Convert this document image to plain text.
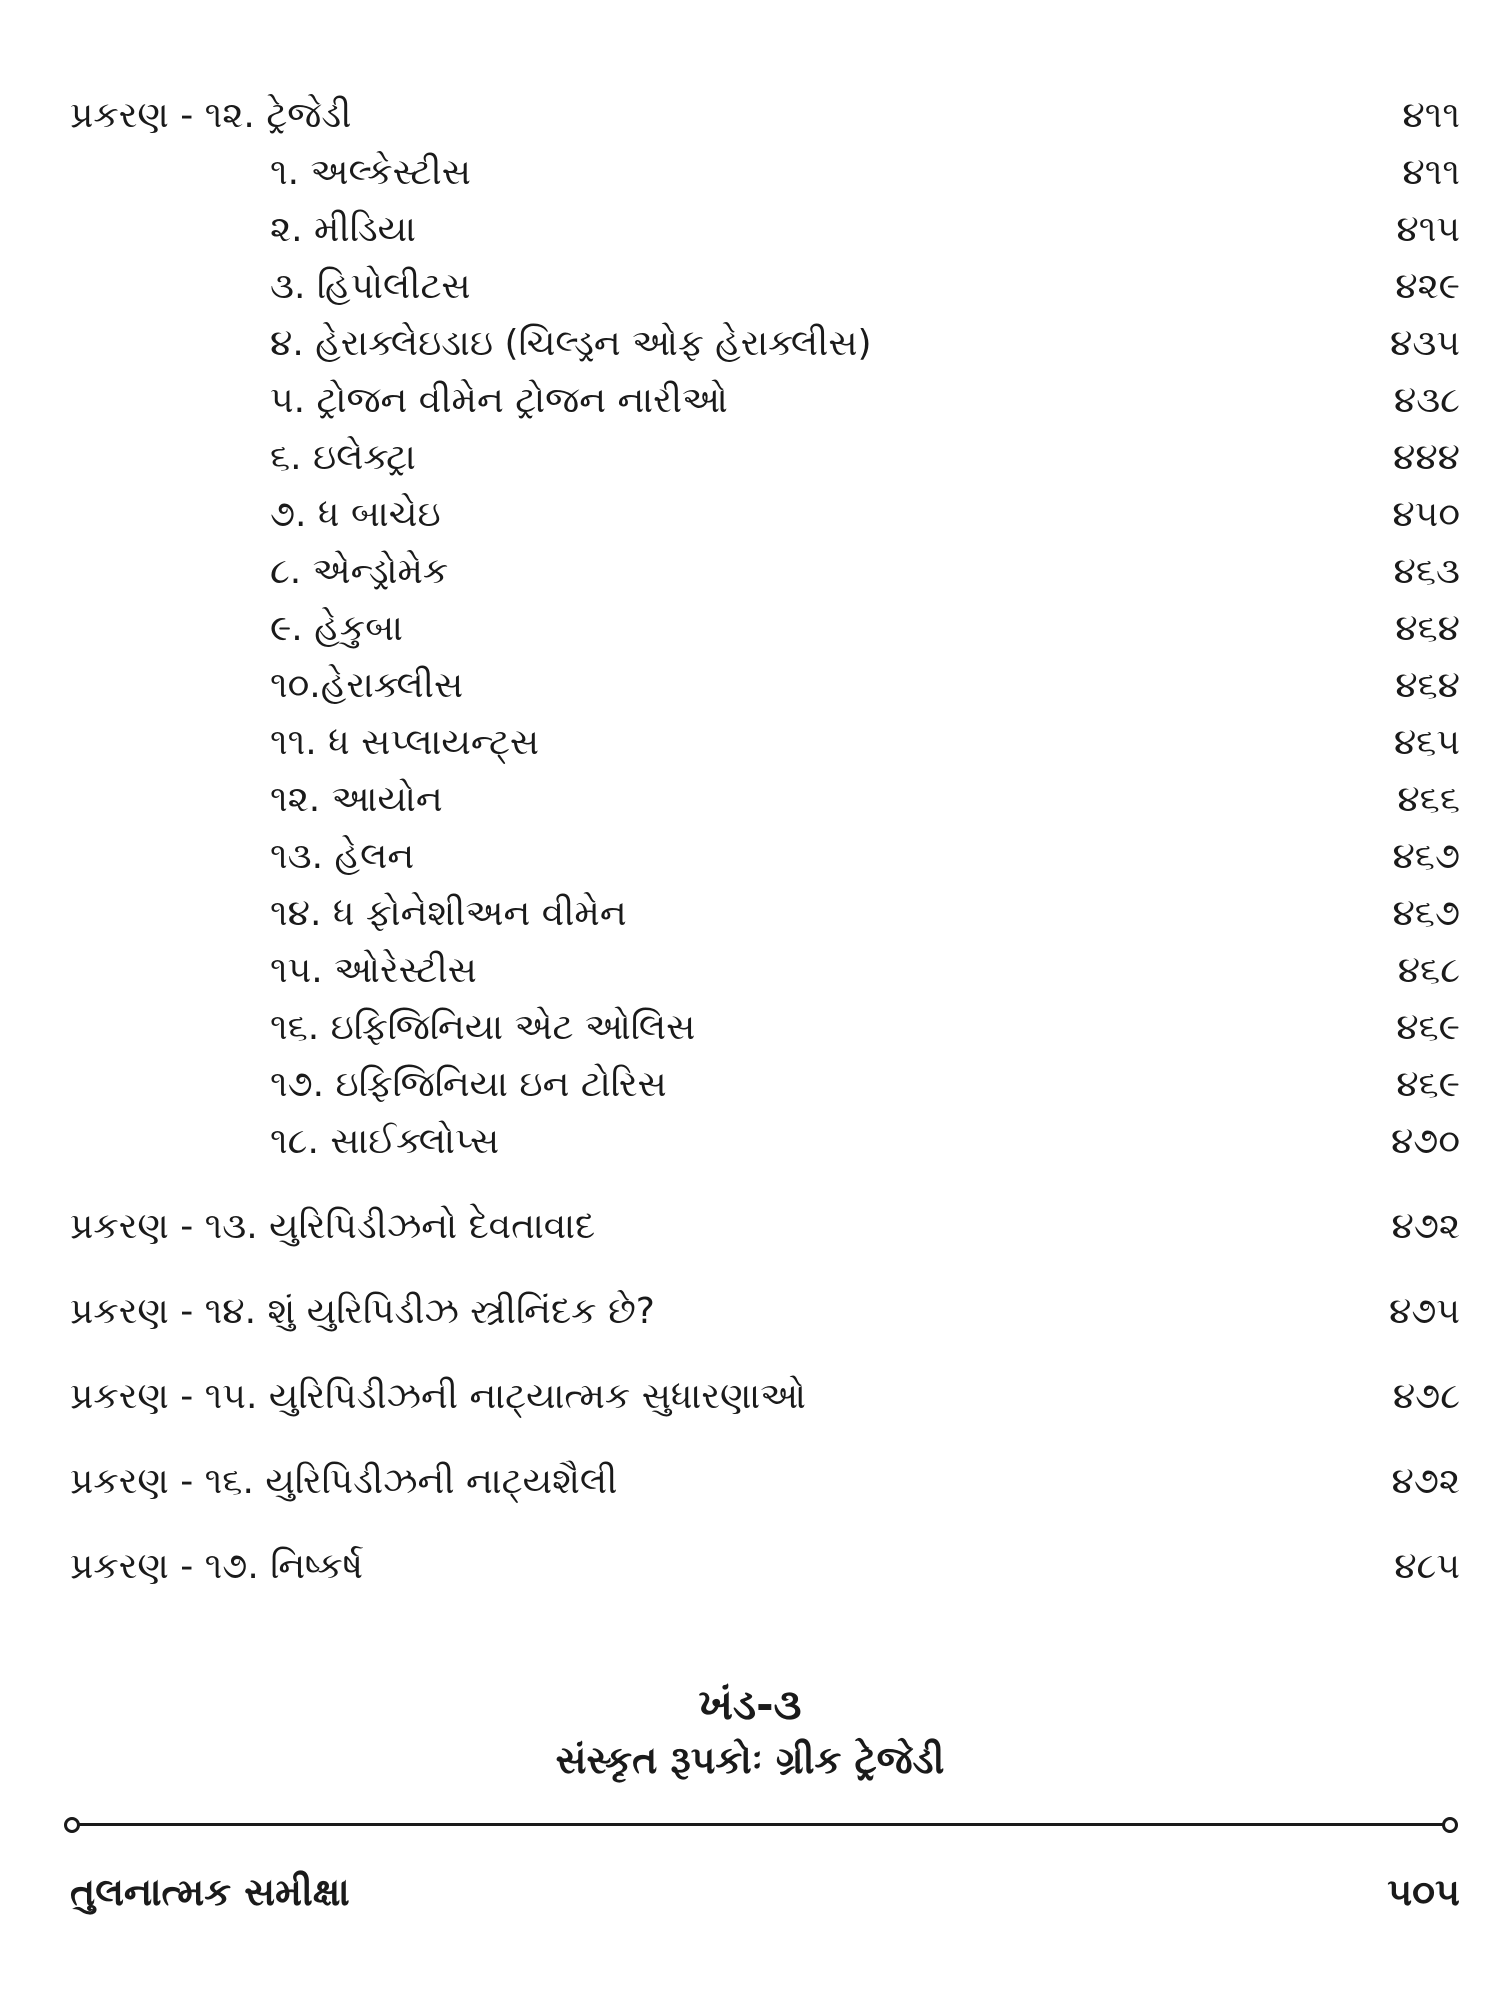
પ્રકરણ - ૧૨. ટ્રેજેડી	૪૧૧
૧. અલ્કેસ્ટીસ	૪૧૧
૨. મીડિયા	૪૧૫
૩. હિપોલીટસ	૪૨૯
૪. હેરાક્લેઇડાઇ (ચિલ્ડ્રન ઓફ હેરાક્લીસ)	૪૩૫
૫. ટ્રોજન વીમેન ટ્રોજન નારીઓ	૪૩૮
૬. ઇલેક્ટ્રા	૪૪૪
૭. ધ બાચેઇ	૪૫૦
૮. એન્ડ્રોમેક	૪૬૩
૯. હેકુબા	૪૬૪
૧૦.હેરાક્લીસ	૪૬૪
૧૧. ધ સપ્લાયન્ટ્સ	૪૬૫
૧૨. આયોન	૪૬૬
૧૩. હેલન	૪૬૭
૧૪. ધ ફોનેશીઅન વીમેન	૪૬૭
૧૫. ઓરેસ્ટીસ	૪૬૮
૧૬. ઇફિજિનિયા એટ ઓલિસ	૪૬૯
૧૭. ઇફિજિનિયા ઇન ટોરિસ	૪૬૯
૧૮. સાઈક્લોપ્સ	૪૭૦
પ્રકરણ - ૧૩. યુરિપિડીઝનો દેવતાવાદ	૪૭૨
પ્રકરણ - ૧૪. શું યુરિપિડીઝ સ્ત્રીનિંદક છે?	૪૭૫
પ્રકરણ - ૧૫. યુરિપિડીઝની નાટ્યાત્મક સુધારણાઓ	૪૭૮
પ્રકરણ - ૧૬. યુરિપિડીઝની નાટ્યશૈલી	૪૭૨
પ્રકરણ - ૧૭. નિષ્કર્ષ	૪૮૫
ખંડ-૩
સંસ્કૃત રૂપકોઃ ગ્રીક ટ્રેજેડી
તુલનાત્મક સમીક્ષા	૫૦૫
